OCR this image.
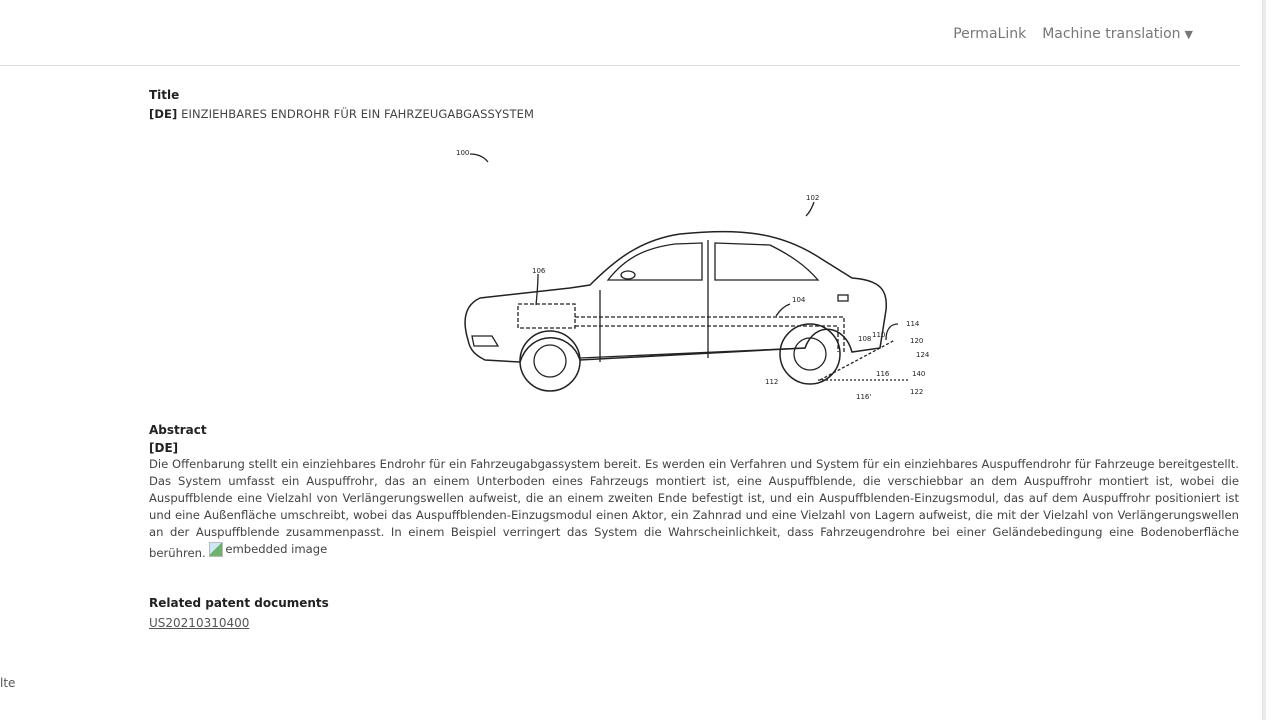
PermaLink Machine translation ▼
Title
[DE] EINZIEHBARES ENDROHR FÜR EIN FAHRZEUGABGASSYSTEM
100
102
106
104
108 110
112
114
116
116'
120
122
124
140
Abstract
[DE]
Die Offenbarung stellt ein einziehbares Endrohr für ein Fahrzeugabgassystem bereit. Es werden ein Verfahren und System für ein einziehbares Auspuffendrohr für Fahrzeuge bereitgestellt. Das System umfasst ein Auspuffrohr, das an einem Unterboden eines Fahrzeugs montiert ist, eine Auspuffblende, die verschiebbar an dem Auspuffrohr montiert ist, wobei die Auspuffblende eine Vielzahl von Verlängerungswellen aufweist, die an einem zweiten Ende befestigt ist, und ein Auspuffblenden-Einzugsmodul, das auf dem Auspuffrohr positioniert ist und eine Außenfläche umschreibt, wobei das Auspuffblenden-Einzugsmodul einen Aktor, ein Zahnrad und eine Vielzahl von Lagern aufweist, die mit der Vielzahl von Verlängerungswellen an der Auspuffblende zusammenpasst. In einem Beispiel verringert das System die Wahrscheinlichkeit, dass Fahrzeugendrohre bei einer Geländebedingung eine Bodenoberfläche berühren. embedded image
Related patent documents
US20210310400
lte
